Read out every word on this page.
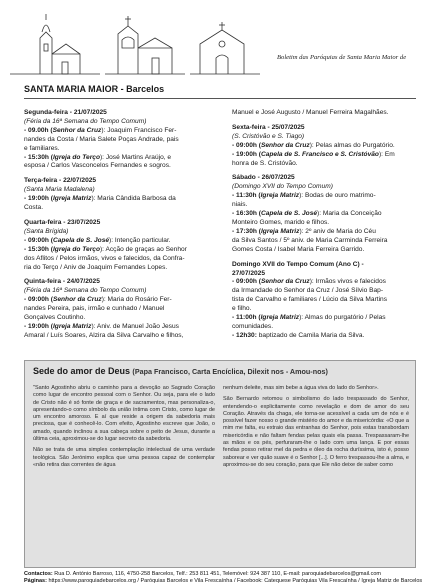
Boletim das Paróquias de Santa Maria Maior de
SANTA MARIA MAIOR - Barcelos
Segunda-feira - 21/07/2025
(Féria da 16ª Semana do Tempo Comum)
- 09.00h (Senhor da Cruz): Joaquim Francisco Fer-
nandes da Costa / Maria Salete Poças Andrade, pais
e familiares.
- 15:30h (Igreja do Terço): José Martins Araújo, e
esposa / Carlos Vasconcelos Fernandes e sogros.
Terça-feira - 22/07/2025
(Santa Maria Madalena)
- 19:00h (Igreja Matriz): Maria Cândida Barbosa da
Costa.
Quarta-feira - 23/07/2025
(Santa Brígida)
- 09:00h (Capela de S. José): Intenção particular.
- 15:30h (Igreja do Terço): Acção de graças ao Senhor
dos Aflitos / Pelos irmãos, vivos e falecidos, da Confra-
ria do Terço / Aniv de Joaquim Fernandes Lopes.
Quinta-feira - 24/07/2025
(Féria da 16ª Semana do Tempo Comum)
- 09:00h (Senhor da Cruz): Maria do Rosário Fer-
nandes Pereira, pais, irmão e cunhado / Manuel
Gonçalves Coutinho.
- 19:00h (Igreja Matriz): Aniv. de Manuel João Jesus
Amaral / Luís Soares, Alzira da Silva Carvalho e filhos,
Manuel e José Augusto / Manuel Ferreira Magalhães.
Sexta-feira - 25/07/2025
(S. Cristóvão e S. Tiago)
- 09:00h (Senhor da Cruz): Pelas almas do Purgatório.
- 19:00h (Capela de S. Francisco e S. Cristóvão): Em
honra de S. Cristóvão.
Sábado - 26/07/2025
(Domingo XVII do Tempo Comum)
- 11:30h (Igreja Matriz): Bodas de ouro matrimo-
niais.
- 16:30h (Capela de S. José): Maria da Conceição
Monteiro Gomes, marido e filhos.
- 17:30h (Igreja Matriz): 2º aniv de Maria do Céu
da Silva Santos / 5º aniv. de Maria Carminda Ferreira
Gomes Costa / Isabel Maria Ferreira Garrido.
Domingo XVII do Tempo Comum (Ano C) -
27/07/2025
- 09:00h (Senhor da Cruz): Irmãos vivos e falecidos
da Irmandade do Senhor da Cruz / José Sílvio Bap-
tista de Carvalho e familiares / Lúcio da Silva Martins
e filho.
- 11:00h (Igreja Matriz): Almas do purgatório / Pelas
comunidades.
- 12h30: baptizado de Camila Maria da Silva.
Sede do amor de Deus (Papa Francisco, Carta Encíclica, Dilexit nos - Amou-nos)

"Santo Agostinho abriu o caminho para a devoção ao Sagrado Coração como lugar de encontro pessoal com o Senhor. Ou seja, para ele o lado de Cristo não é só fonte de graça e de sacramentos, mas personaliza-o, apresentando-o como símbolo da união íntima com Cristo, como lugar de um encontro amoroso. E aí que reside a origem da sabedoria mais preciosa, que é conhecê-lo. Com efeito, Agostinho escreve que João, o amado, quando inclinou a sua cabeça sobre o peito de Jesus, durante a última ceia, aproximou-se do lugar secreto da sabedoria.

Não se trata de uma simples contemplação intelectual de uma verdade teológica. São Jerónimo explica que uma pessoa capaz de contemplar «não retira das correntes de água

nenhum deleite, mas sim bebe a água viva do lado do Senhor».

São Bernardo retomou o simbolismo do lado trespassado do Senhor, entendendo-o explicitamente como revelação e dom de amor do seu Coração. Através da chaga, ele torna-se acessível a cada um de nós e é possível fazer nosso o grande mistério do amor e da misericórdia: «O que a mim me falta, eu extraio das entranhas do Senhor, pois estas transbordam misericórdia e não faltam fendas pelas quais ela passa. Trespassaram-lhe as mãos e os pés, perfuraram-lhe o lado com uma lança. E por essas fendas posso retirar mel da pedra e óleo da rocha duríssima, isto é, posso saborear e ver quão suave é o Senhor [...]. O ferro trespassou-lhe a alma, e aproximou-se do seu coração, para que Ele não deixe de saber como

Contactos: Rua D. António Barroso, 116, 4750-258 Barcelos, Telf.: 253 811 451, Telemóvel: 924 387 110, E-mail: paroquiadebarcelos@gmail.com
Páginas: https://www.paroquiadebarcelos.org / Paróquias Barcelos e Vila Frescaínha / Facebook: Catequese Paróquias Vila Frescaínha / Igreja Matriz de Barcelos
